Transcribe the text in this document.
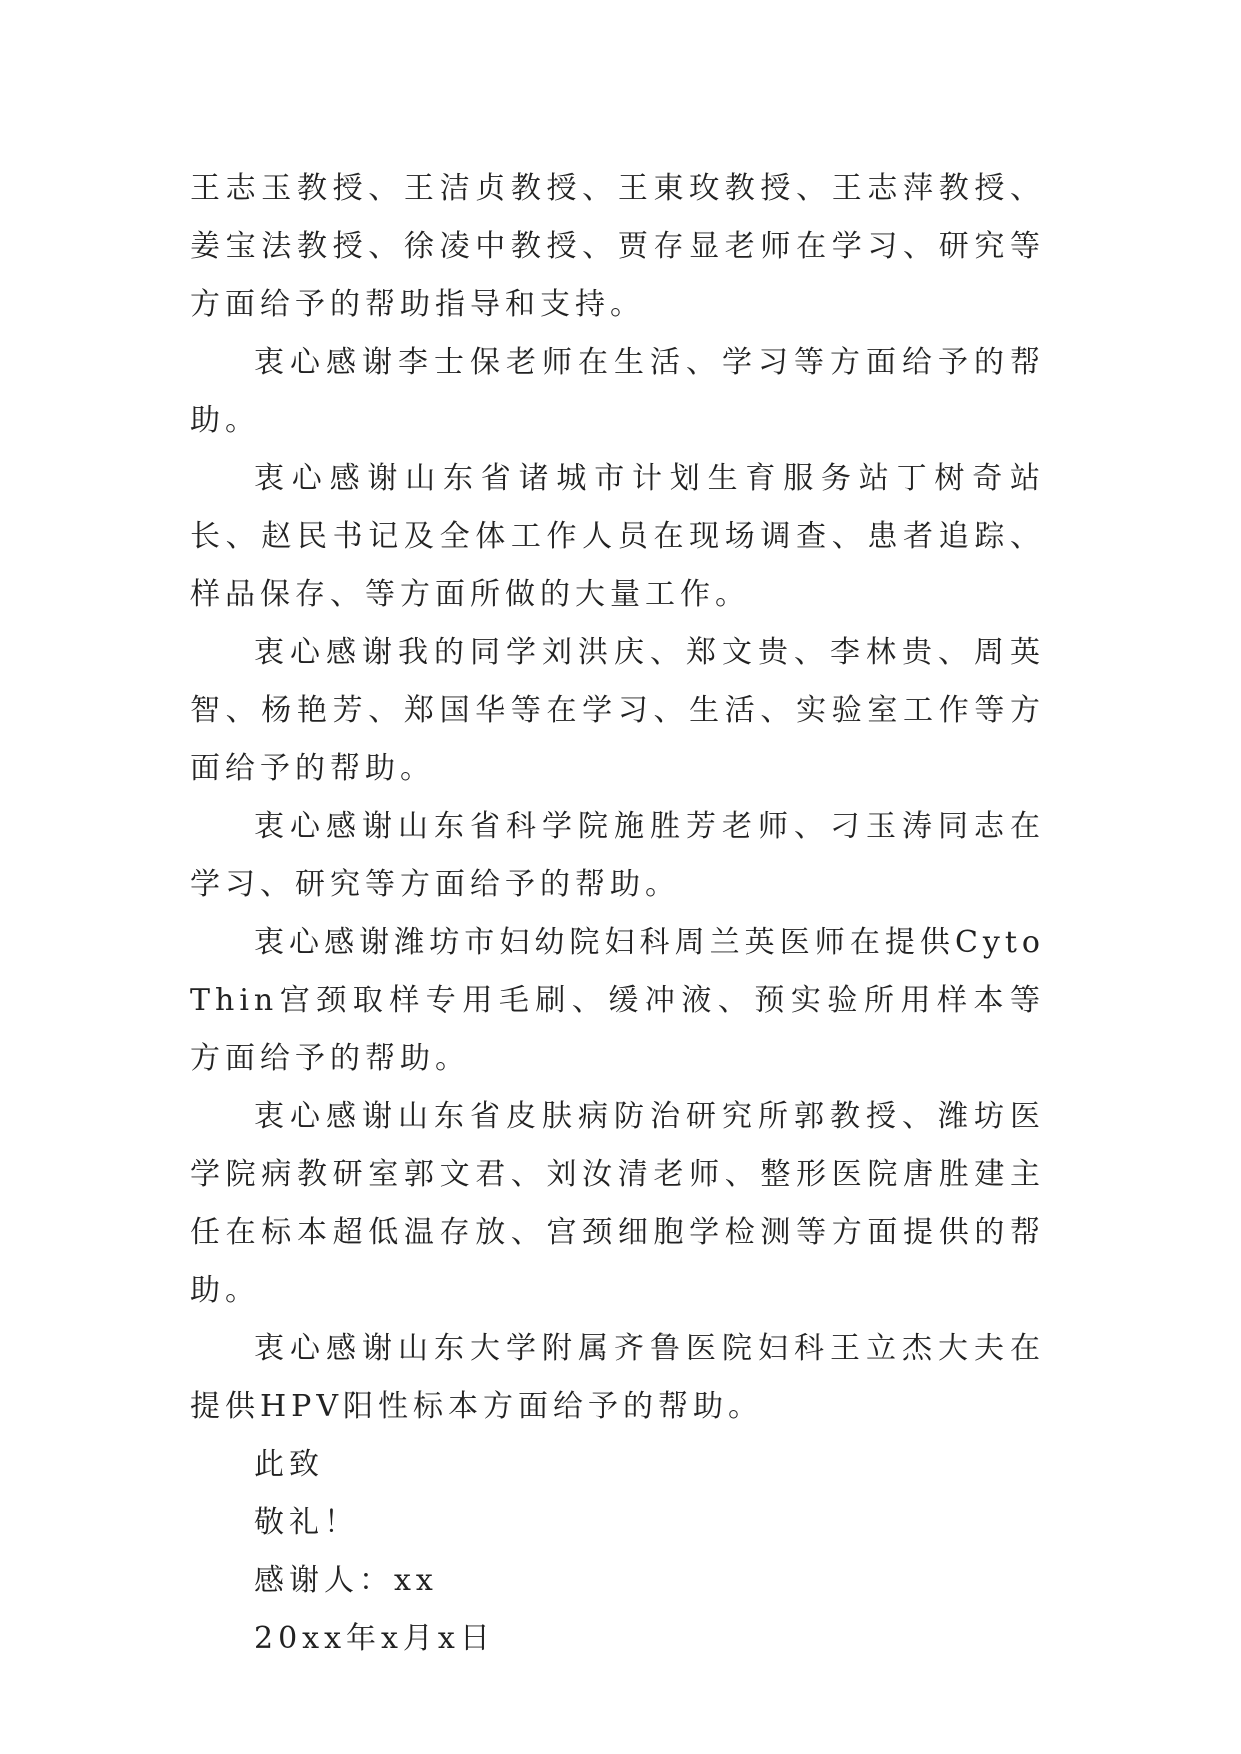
王志玉教授、王洁贞教授、王東玫教授、王志萍教授、姜宝法教授、徐凌中教授、贾存显老师在学习、研究等方面给予的帮助指导和支持。

衷心感谢李士保老师在生活、学习等方面给予的帮助。

衷心感谢山东省诸城市计划生育服务站丁树奇站长、赵民书记及全体工作人员在现场调查、患者追踪、样品保存、等方面所做的大量工作。

衷心感谢我的同学刘洪庆、郑文贵、李林贵、周英智、杨艳芳、郑国华等在学习、生活、实验室工作等方面给予的帮助。

衷心感谢山东省科学院施胜芳老师、刁玉涛同志在学习、研究等方面给予的帮助。

衷心感谢潍坊市妇幼院妇科周兰英医师在提供CytoThin宫颈取样专用毛刷、缓冲液、预实验所用样本等方面给予的帮助。

衷心感谢山东省皮肤病防治研究所郭教授、潍坊医学院病教研室郭文君、刘汝清老师、整形医院唐胜建主任在标本超低温存放、宫颈细胞学检测等方面提供的帮助。

衷心感谢山东大学附属齐鲁医院妇科王立杰大夫在提供HPV阳性标本方面给予的帮助。

此致

敬礼！

感谢人：xx

20xx年x月x日
